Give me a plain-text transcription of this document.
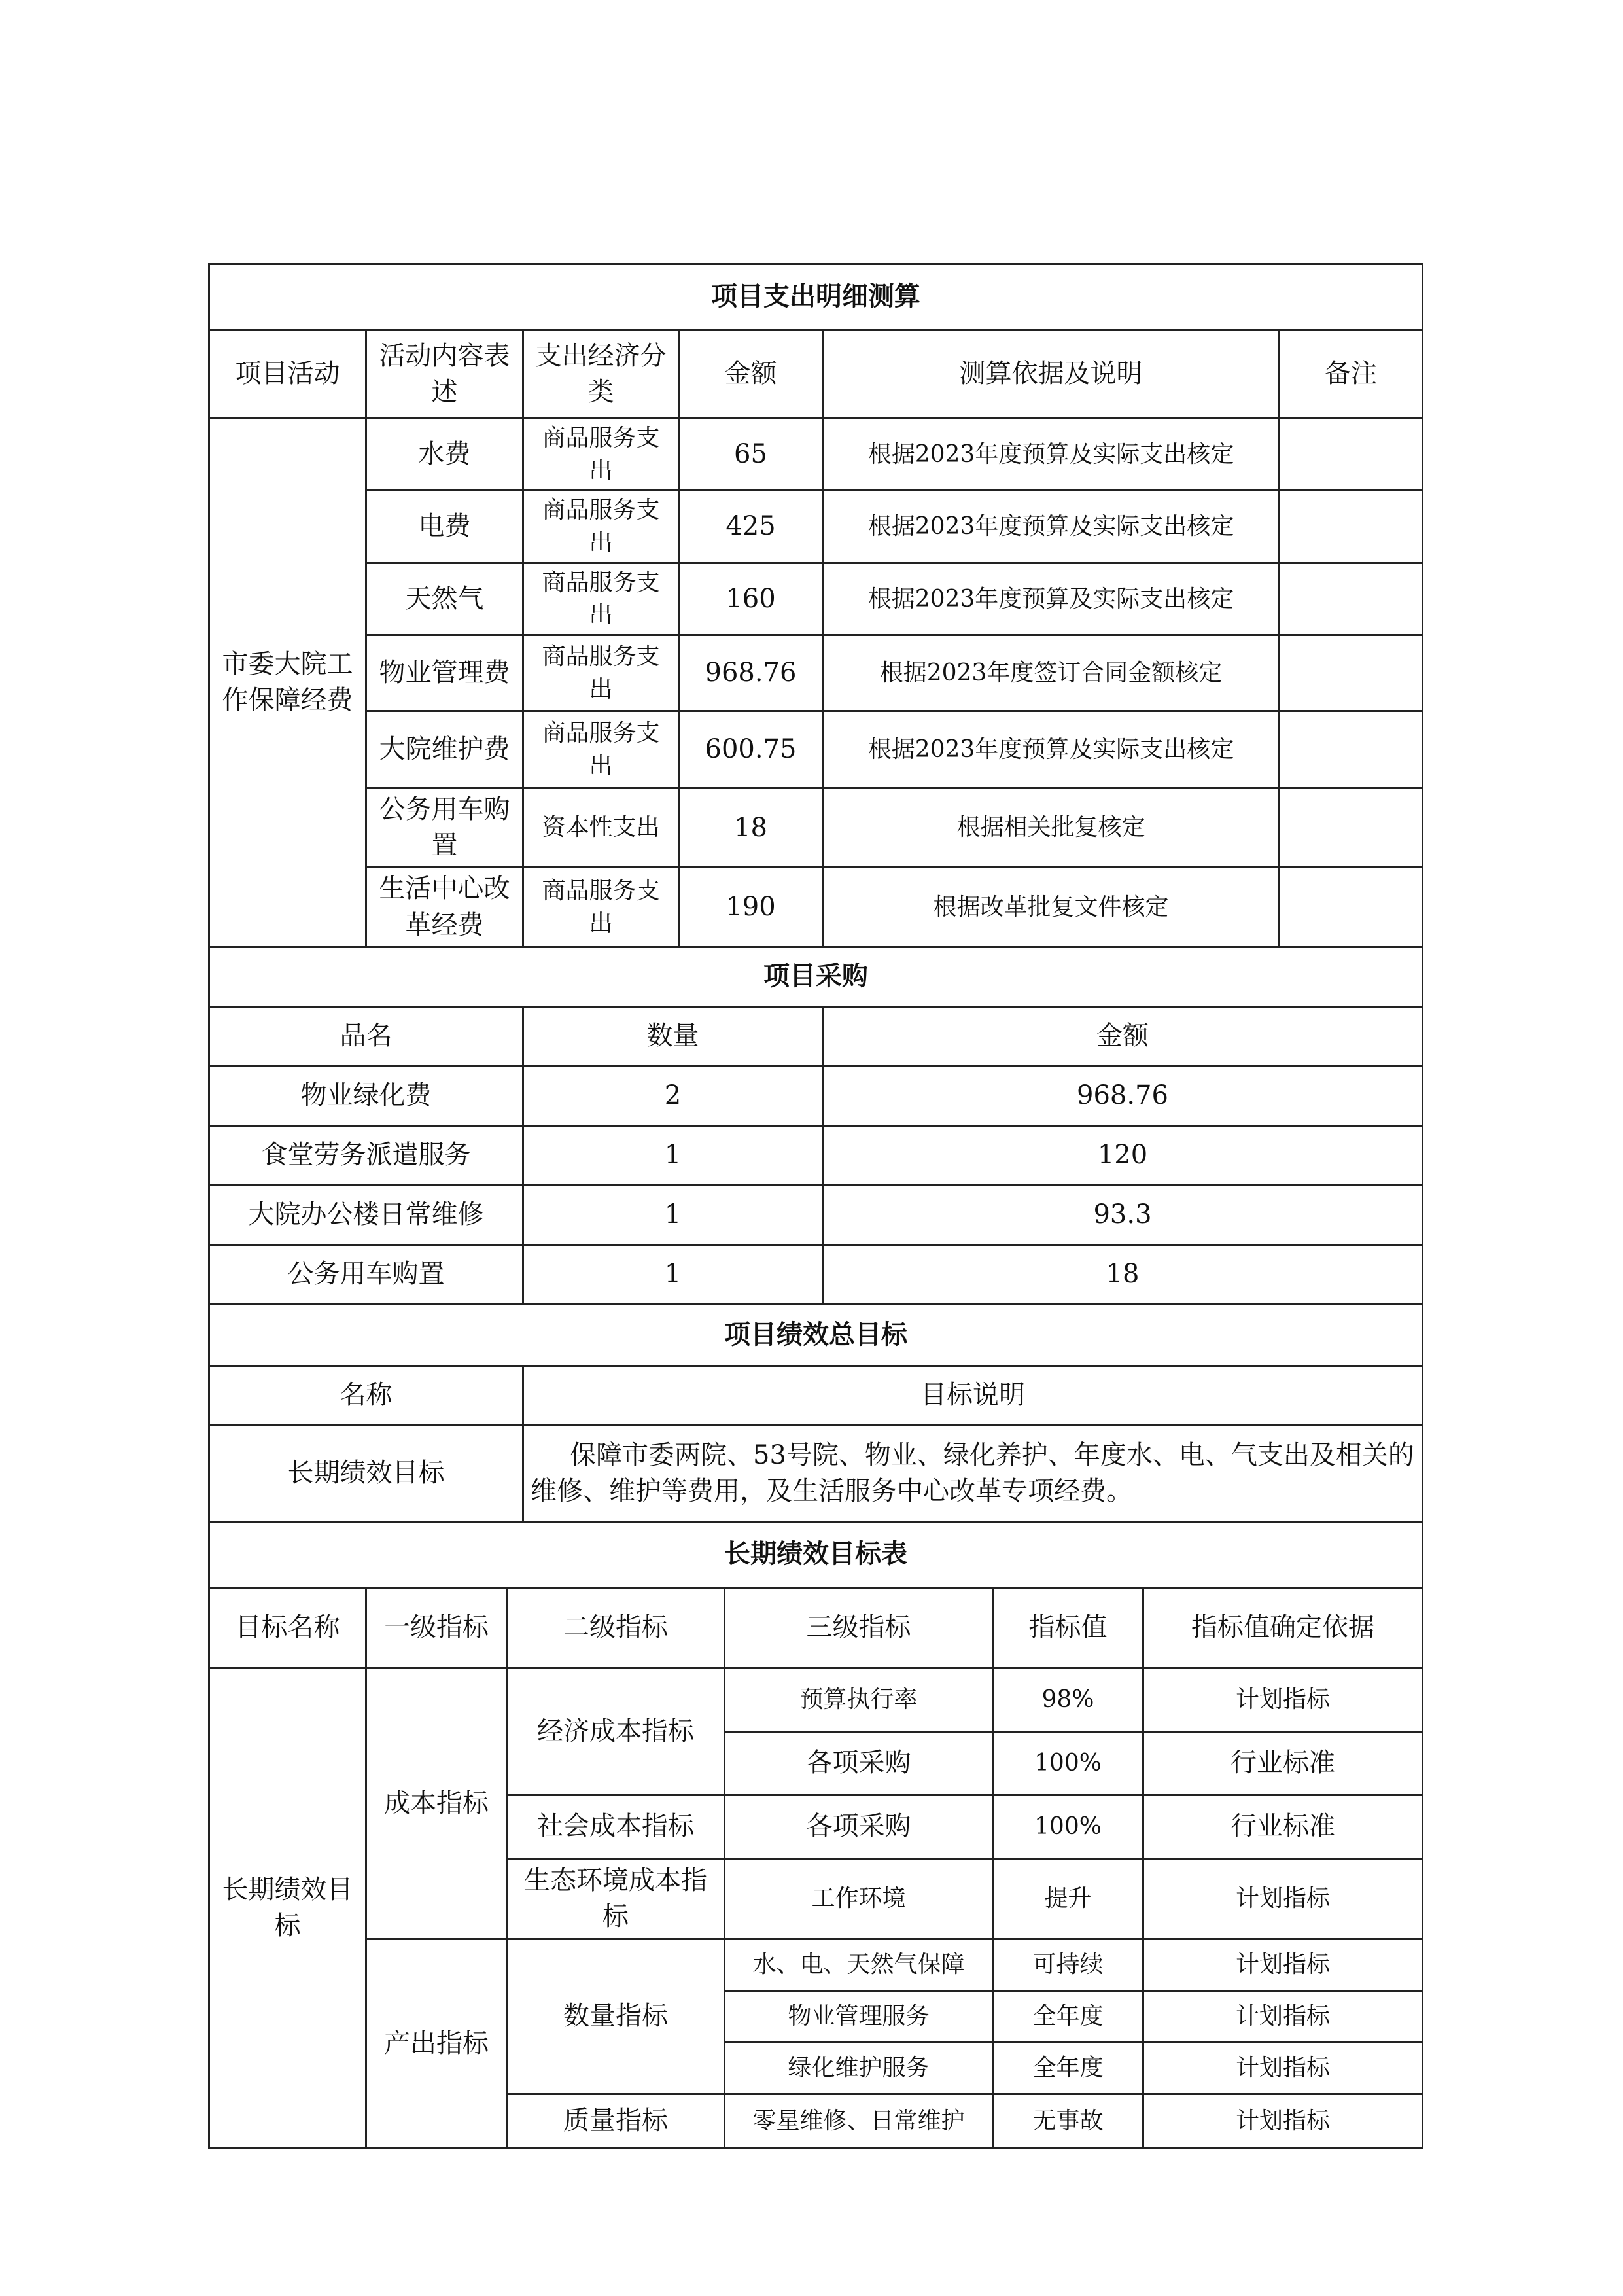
项目支出明细测算					
项目活动	活动内容表述	支出经济分类	金额	测算依据及说明	备注
市委大院工作保障经费	水费	商品服务支出	65	根据2023年度预算及实际支出核定	
	电费	商品服务支出	425	根据2023年度预算及实际支出核定	
	天然气	商品服务支出	160	根据2023年度预算及实际支出核定	
	物业管理费	商品服务支出	968.76	根据2023年度签订合同金额核定	
	大院维护费	商品服务支出	600.75	根据2023年度预算及实际支出核定	
	公务用车购置	资本性支出	18	根据相关批复核定	
	生活中心改革经费	商品服务支出	190	根据改革批复文件核定	
项目采购		
品名	数量	金额
物业绿化费	2	968.76
食堂劳务派遣服务	1	120
大院办公楼日常维修	1	93.3
公务用车购置	1	18
项目绩效总目标	
名称	目标说明
长期绩效目标	保障市委两院、53号院、物业、绿化养护、年度水、电、气支出及相关的维修、维护等费用，及生活服务中心改革专项经费。
长期绩效目标表					
目标名称	一级指标	二级指标	三级指标	指标值	指标值确定依据
长期绩效目标	成本指标	经济成本指标	预算执行率	98%	计划指标
			各项采购	100%	行业标准
		社会成本指标	各项采购	100%	行业标准
		生态环境成本指标	工作环境	提升	计划指标
	产出指标	数量指标	水、电、天然气保障	可持续	计划指标
			物业管理服务	全年度	计划指标
			绿化维护服务	全年度	计划指标
		质量指标	零星维修、日常维护	无事故	计划指标
